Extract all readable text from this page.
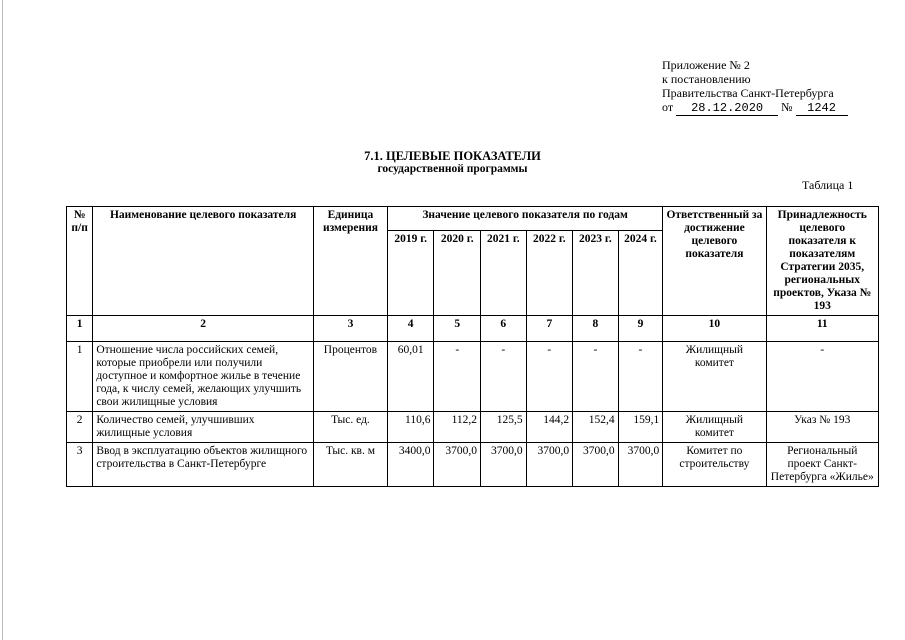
Приложение № 2
к постановлению
Правительства Санкт-Петербурга
от 28.12.2020 № 1242
7.1. ЦЕЛЕВЫЕ ПОКАЗАТЕЛИ
государственной программы
Таблица 1
№ п/п	Наименование целевого показателя	Единица измерения	Значение целевого показателя по годам						Ответственный за достижение целевого показателя	Принадлежность целевого показателя к показателям Стратегии 2035, региональных проектов, Указа № 193
			2019 г.	2020 г.	2021 г.	2022 г.	2023 г.	2024 г.		
1	2	3	4	5	6	7	8	9	10	11
1	Отношение числа российских семей, которые приобрели или получили доступное и комфортное жилье в течение года, к числу семей, желающих улучшить свои жилищные условия	Процентов	60,01	-	-	-	-	-	Жилищный комитет	-
2	Количество семей, улучшивших жилищные условия	Тыс. ед.	110,6	112,2	125,5	144,2	152,4	159,1	Жилищный комитет	Указ № 193
3	Ввод в эксплуатацию объектов жилищного строительства в Санкт-Петербурге	Тыс. кв. м	3400,0	3700,0	3700,0	3700,0	3700,0	3700,0	Комитет по строительству	Региональный проект Санкт-Петербурга «Жилье»
